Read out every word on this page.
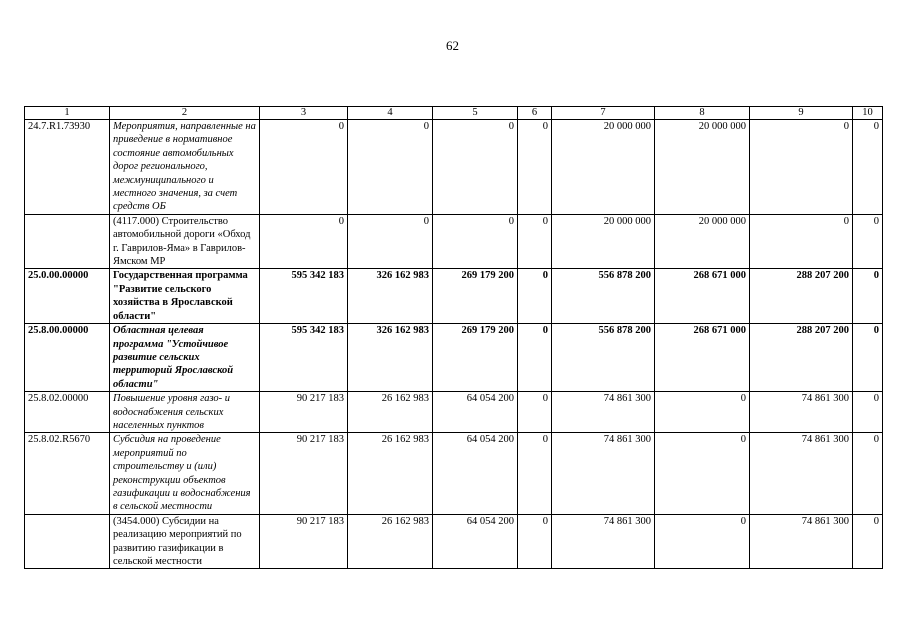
62
1	2	3	4	5	6	7	8	9	10
24.7.R1.73930	Мероприятия, направленные на приведение в нормативное состояние автомобильных дорог регионального, межмуниципального и местного значения, за счет средств ОБ	0	0	0	0	20 000 000	20 000 000	0	0
	(4117.000) Строительство автомобильной дороги «Обход г. Гаврилов-Яма» в Гаврилов-Ямском МР	0	0	0	0	20 000 000	20 000 000	0	0
25.0.00.00000	Государственная программа "Развитие сельского хозяйства в Ярославской области"	595 342 183	326 162 983	269 179 200	0	556 878 200	268 671 000	288 207 200	0
25.8.00.00000	Областная целевая программа "Устойчивое развитие сельских территорий Ярославской области"	595 342 183	326 162 983	269 179 200	0	556 878 200	268 671 000	288 207 200	0
25.8.02.00000	Повышение уровня газо- и водоснабжения сельских населенных пунктов	90 217 183	26 162 983	64 054 200	0	74 861 300	0	74 861 300	0
25.8.02.R5670	Субсидия на проведение мероприятий по строительству и (или) реконструкции объектов газификации и водоснабжения в сельской местности	90 217 183	26 162 983	64 054 200	0	74 861 300	0	74 861 300	0
	(3454.000) Субсидии на реализацию мероприятий по развитию газификации в сельской местности	90 217 183	26 162 983	64 054 200	0	74 861 300	0	74 861 300	0
